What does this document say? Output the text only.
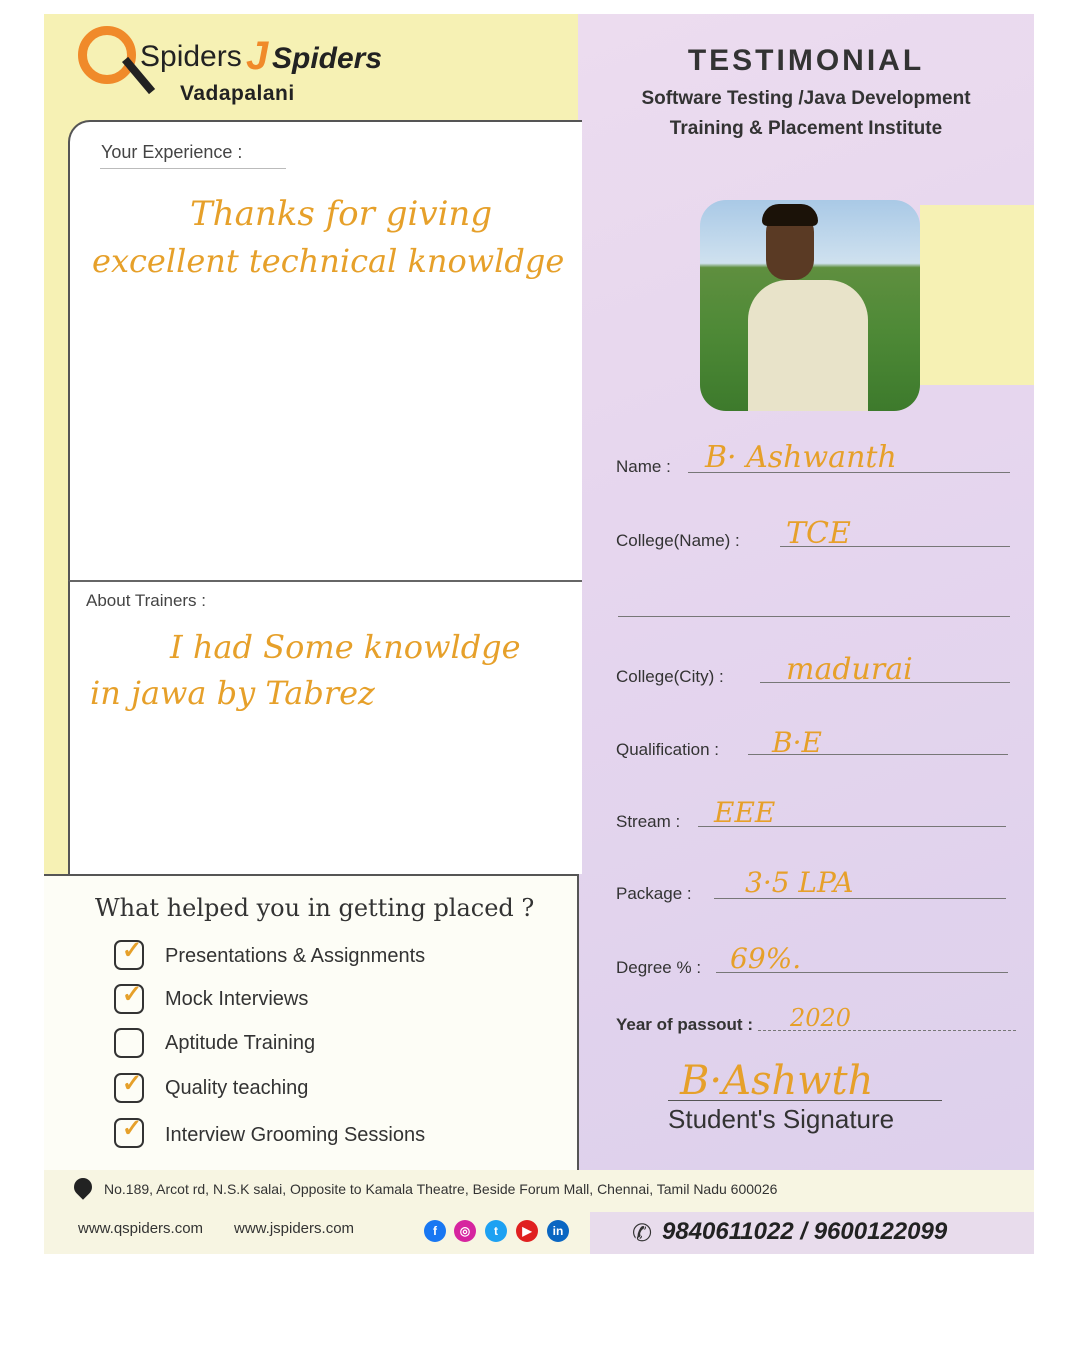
Spiders J Spiders
Vadapalani
TESTIMONIAL
Software Testing /Java Development
Training & Placement Institute
Your Experience :
Thanks for giving
excellent technical knowldge
About Trainers :
I had Some knowldge
in jawa by Tabrez
What helped you in getting placed ?
✓ Presentations & Assignments
✓ Mock Interviews
Aptitude Training
✓ Quality teaching
✓ Interview Grooming Sessions
Name : B· Ashwanth
College(Name) : TCE
College(City) : madurai
Qualification : B·E
Stream : EEE
Package : 3·5 LPA
Degree % : 69%.
Year of passout : 2020
B·Ashwth
Student's Signature
No.189, Arcot rd, N.S.K salai, Opposite to Kamala Theatre, Beside Forum Mall, Chennai, Tamil Nadu 600026
www.qspiders.com www.jspiders.com	f	◎	t	▶	in	✆ 9840611022 / 9600122099
